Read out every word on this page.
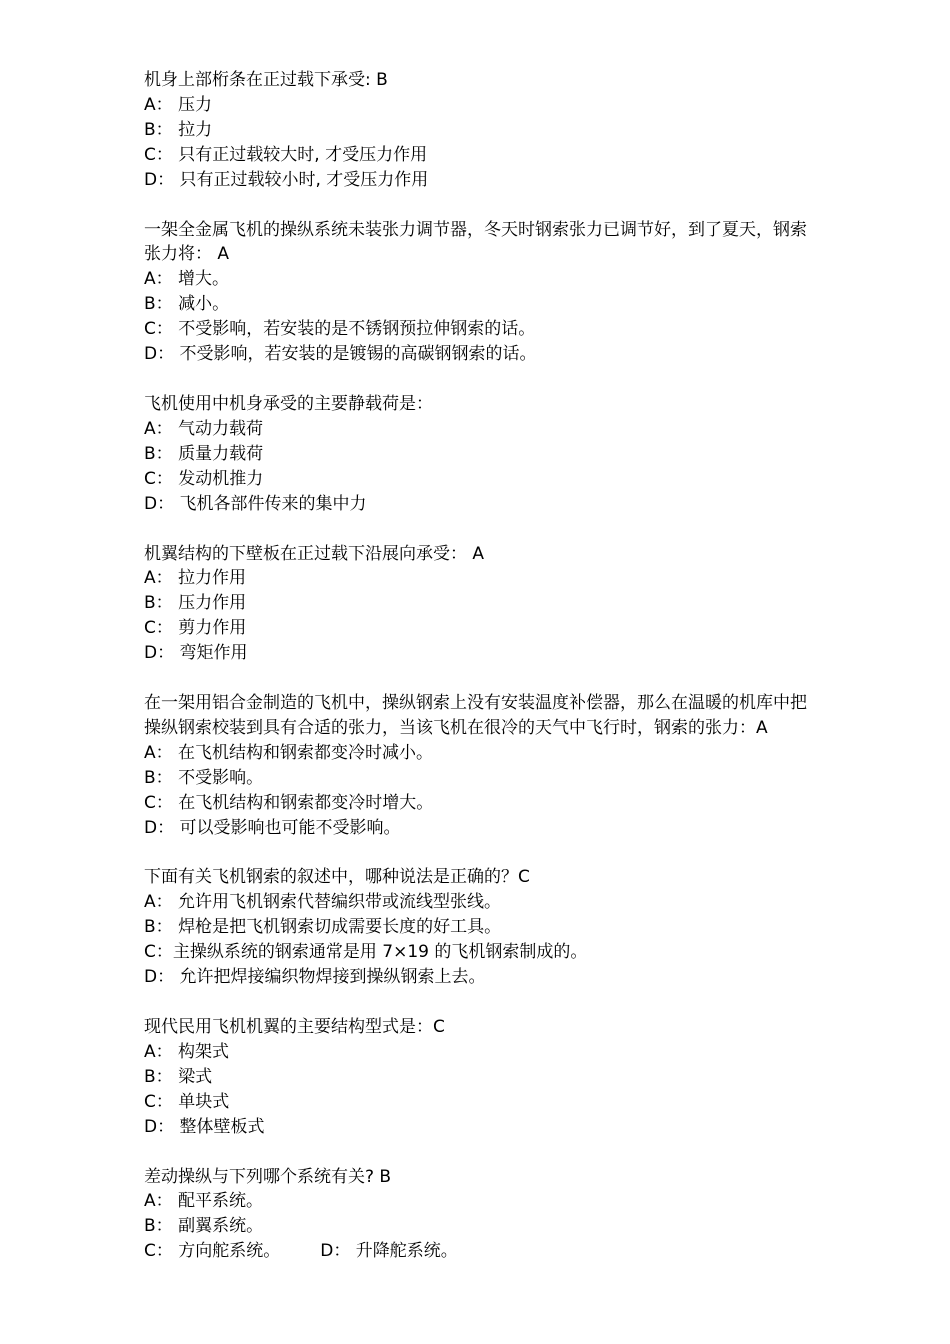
机身上部桁条在正过载下承受: B
A： 压力
B： 拉力
C： 只有正过载较大时, 才受压力作用
D： 只有正过载较小时, 才受压力作用
一架全金属飞机的操纵系统未装张力调节器，冬天时钢索张力已调节好，到了夏天，钢索
张力将： A
A： 增大。
B： 减小。
C： 不受影响，若安装的是不锈钢预拉伸钢索的话。
D： 不受影响，若安装的是镀锡的高碳钢钢索的话。
飞机使用中机身承受的主要静载荷是：
A： 气动力载荷
B： 质量力载荷
C： 发动机推力
D： 飞机各部件传来的集中力
机翼结构的下壁板在正过载下沿展向承受： A
A： 拉力作用
B： 压力作用
C： 剪力作用
D： 弯矩作用
在一架用铝合金制造的飞机中，操纵钢索上没有安装温度补偿器，那么在温暖的机库中把
操纵钢索校装到具有合适的张力，当该飞机在很冷的天气中飞行时，钢索的张力：A
A： 在飞机结构和钢索都变冷时减小。
B： 不受影响。
C： 在飞机结构和钢索都变冷时增大。
D： 可以受影响也可能不受影响。
下面有关飞机钢索的叙述中，哪种说法是正确的？C
A： 允许用飞机钢索代替编织带或流线型张线。
B： 焊枪是把飞机钢索切成需要长度的好工具。
C：主操纵系统的钢索通常是用 7×19 的飞机钢索制成的。
D： 允许把焊接编织物焊接到操纵钢索上去。
现代民用飞机机翼的主要结构型式是：C
A： 构架式
B： 梁式
C： 单块式
D： 整体壁板式
差动操纵与下列哪个系统有关? B
A： 配平系统。
B： 副翼系统。
C： 方向舵系统。 D： 升降舵系统。
